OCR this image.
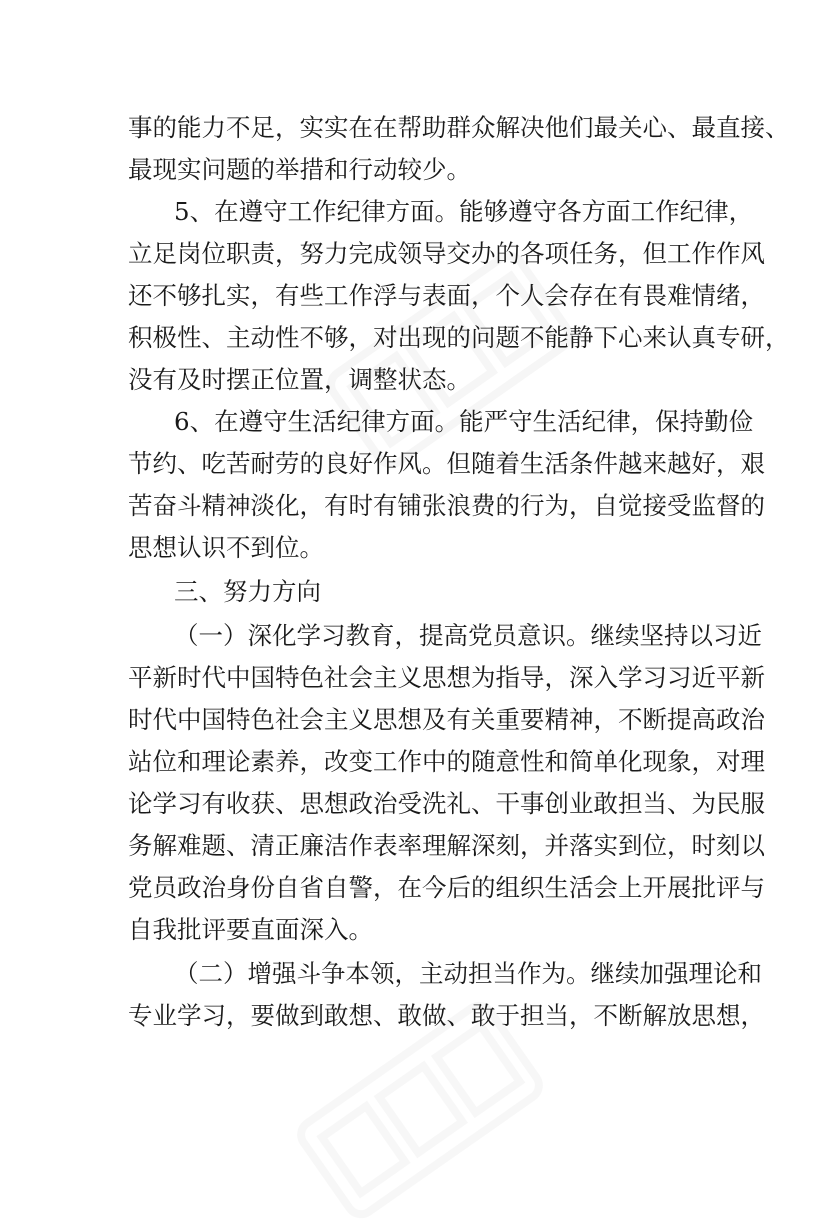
事的能力不足，实实在在帮助群众解决他们最关心、最直接、
最现实问题的举措和行动较少。
5、在遵守工作纪律方面。能够遵守各方面工作纪律，
立足岗位职责，努力完成领导交办的各项任务，但工作作风
还不够扎实，有些工作浮与表面，个人会存在有畏难情绪，
积极性、主动性不够，对出现的问题不能静下心来认真专研，
没有及时摆正位置，调整状态。
6、在遵守生活纪律方面。能严守生活纪律，保持勤俭
节约、吃苦耐劳的良好作风。但随着生活条件越来越好，艰
苦奋斗精神淡化，有时有铺张浪费的行为，自觉接受监督的
思想认识不到位。
三、努力方向
（一）深化学习教育，提高党员意识。继续坚持以习近
平新时代中国特色社会主义思想为指导，深入学习习近平新
时代中国特色社会主义思想及有关重要精神，不断提高政治
站位和理论素养，改变工作中的随意性和简单化现象，对理
论学习有收获、思想政治受洗礼、干事创业敢担当、为民服
务解难题、清正廉洁作表率理解深刻，并落实到位，时刻以
党员政治身份自省自警，在今后的组织生活会上开展批评与
自我批评要直面深入。
（二）增强斗争本领，主动担当作为。继续加强理论和
专业学习，要做到敢想、敢做、敢于担当，不断解放思想，
